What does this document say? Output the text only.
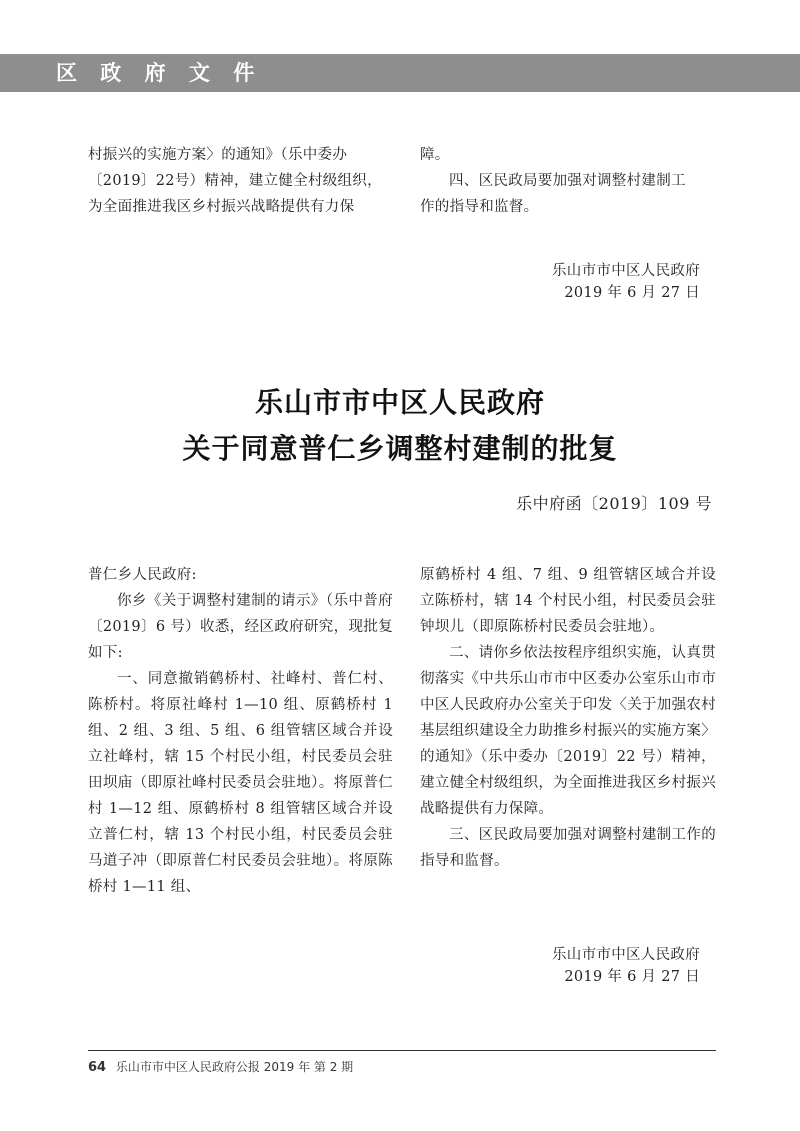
区 政 府 文 件

村振兴的实施方案〉的通知》（乐中委办

〔2019〕22号）精神，建立健全村级组织，

为全面推进我区乡村振兴战略提供有力保

障。

四、区民政局要加强对调整村建制工

作的指导和监督。

乐山市市中区人民政府
2019 年 6 月 27 日
乐山市市中区人民政府
关于同意普仁乡调整村建制的批复
乐中府函〔2019〕109 号

普仁乡人民政府:

你乡《关于调整村建制的请示》（乐中普府〔2019〕6 号）收悉，经区政府研究，现批复如下:

一、同意撤销鹤桥村、社峰村、普仁村、陈桥村。将原社峰村 1—10 组、原鹤桥村 1 组、2 组、3 组、5 组、6 组管辖区域合并设立社峰村，辖 15 个村民小组，村民委员会驻田坝庙（即原社峰村民委员会驻地）。将原普仁村 1—12 组、原鹤桥村 8 组管辖区域合并设立普仁村，辖 13 个村民小组，村民委员会驻马道子冲（即原普仁村民委员会驻地）。将原陈桥村 1—11 组、

原鹤桥村 4 组、7 组、9 组管辖区域合并设立陈桥村，辖 14 个村民小组，村民委员会驻钟坝儿（即原陈桥村民委员会驻地）。

二、请你乡依法按程序组织实施，认真贯彻落实《中共乐山市市中区委办公室乐山市市中区人民政府办公室关于印发〈关于加强农村基层组织建设全力助推乡村振兴的实施方案〉的通知》（乐中委办〔2019〕22 号）精神，建立健全村级组织，为全面推进我区乡村振兴战略提供有力保障。

三、区民政局要加强对调整村建制工作的指导和监督。

乐山市市中区人民政府
2019 年 6 月 27 日
64 乐山市市中区人民政府公报 2019 年 第 2 期
